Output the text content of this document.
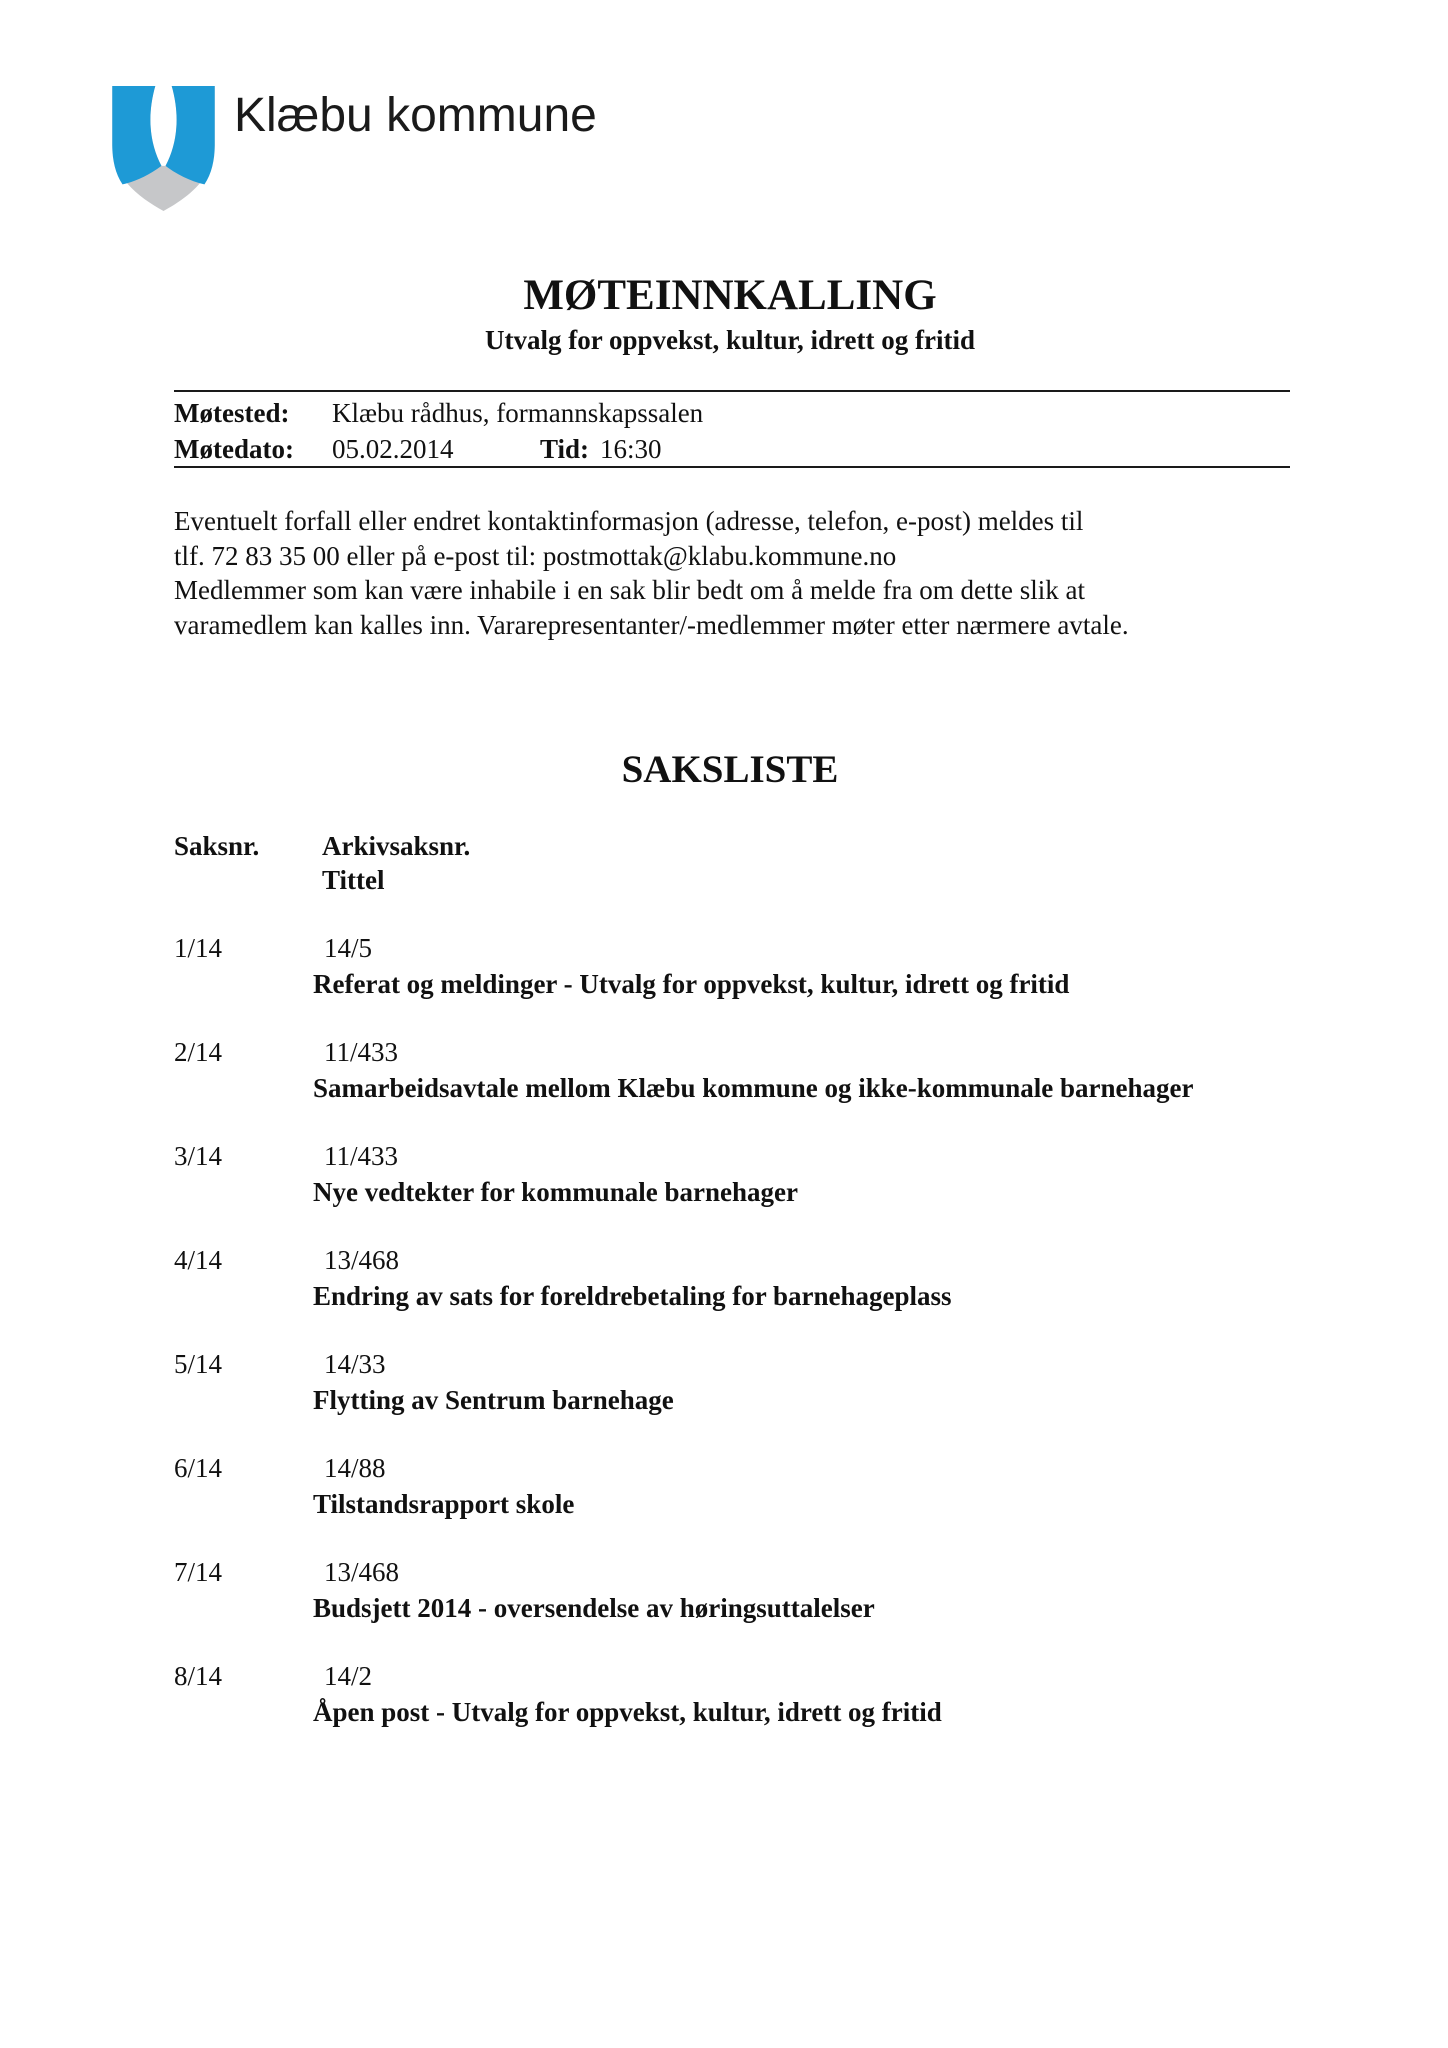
Klæbu kommune
MØTEINNKALLING
Utvalg for oppvekst, kultur, idrett og fritid
Møtested: Klæbu rådhus, formannskapssalen
Møtedato: 05.02.2014	Tid: 16:30
Eventuelt forfall eller endret kontaktinformasjon (adresse, telefon, e-post) meldes til
tlf. 72 83 35 00 eller på e-post til: postmottak@klabu.kommune.no
Medlemmer som kan være inhabile i en sak blir bedt om å melde fra om dette slik at
varamedlem kan kalles inn. Vararepresentanter/-medlemmer møter etter nærmere avtale.
SAKSLISTE
Saksnr. Arkivsaksnr.
Tittel
1/14	14/5
Referat og meldinger - Utvalg for oppvekst, kultur, idrett og fritid
2/14	11/433
Samarbeidsavtale mellom Klæbu kommune og ikke-kommunale barnehager
3/14	11/433
Nye vedtekter for kommunale barnehager
4/14	13/468
Endring av sats for foreldrebetaling for barnehageplass
5/14	14/33
Flytting av Sentrum barnehage
6/14	14/88
Tilstandsrapport skole
7/14	13/468
Budsjett 2014 - oversendelse av høringsuttalelser
8/14	14/2
Åpen post - Utvalg for oppvekst, kultur, idrett og fritid
